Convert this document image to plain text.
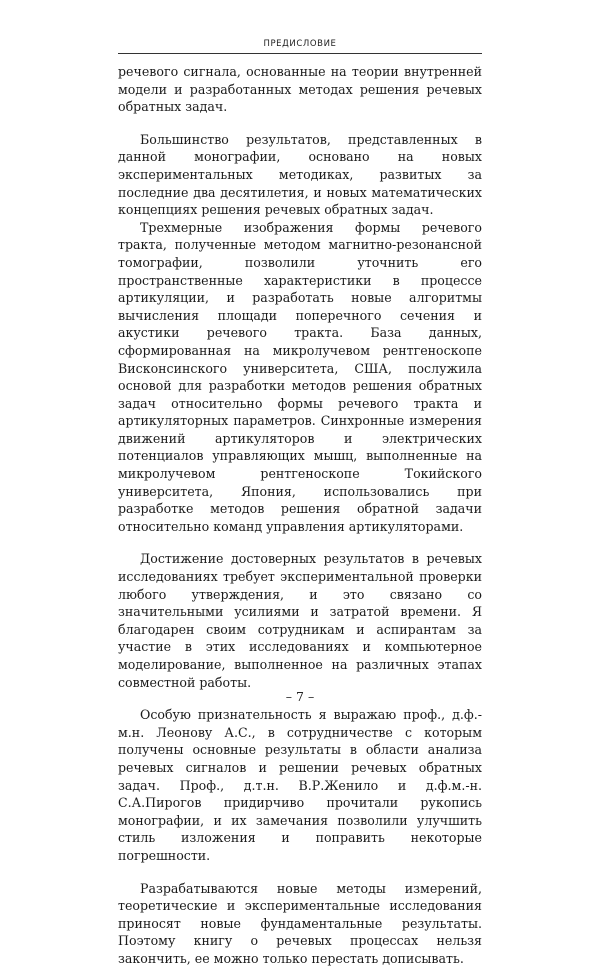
ПРЕДИСЛОВИЕ

речевого сигнала, основанные на теории внутренней модели и разработанных методах решения речевых обратных задач.

Большинство результатов, представленных в данной монографии, основано на новых экспериментальных методиках, развитых за последние два десятилетия, и новых математических концепциях решения речевых обратных задач.

Трехмерные изображения формы речевого тракта, полученные методом магнитно-резонансной томографии, позволили уточнить его пространственные характеристики в процессе артикуляции, и разработать новые алгоритмы вычисления площади поперечного сечения и акустики речевого тракта. База данных, сформированная на микролучевом рентгеноскопе Висконсинского университета, США, послужила основой для разработки методов решения обратных задач относительно формы речевого тракта и артикуляторных параметров. Синхронные измерения движений артикуляторов и электрических потенциалов управляющих мышц, выполненные на микролучевом рентгеноскопе Токийского университета, Япония, использовались при разработке методов решения обратной задачи относительно команд управления артикуляторами.

Достижение достоверных результатов в речевых исследованиях требует экспериментальной проверки любого утверждения, и это связано со значительными усилиями и затратой времени. Я благодарен своим сотрудникам и аспирантам за участие в этих исследованиях и компьютерное моделирование, выполненное на различных этапах совместной работы.

Особую признательность я выражаю проф., д.ф.-м.н. Леонову А.С., в сотрудничестве с которым получены основные результаты в области анализа речевых сигналов и решении речевых обратных задач. Проф., д.т.н. В.Р.Женило и д.ф.м.-н. С.А.Пирогов придирчиво прочитали рукопись монографии, и их замечания позволили улучшить стиль изложения и поправить некоторые погрешности.

Разрабатываются новые методы измерений, теоретические и экспериментальные исследования приносят новые фундаментальные результаты. Поэтому книгу о речевых процессах нельзя закончить, ее можно только перестать дописывать.

– 7 –
